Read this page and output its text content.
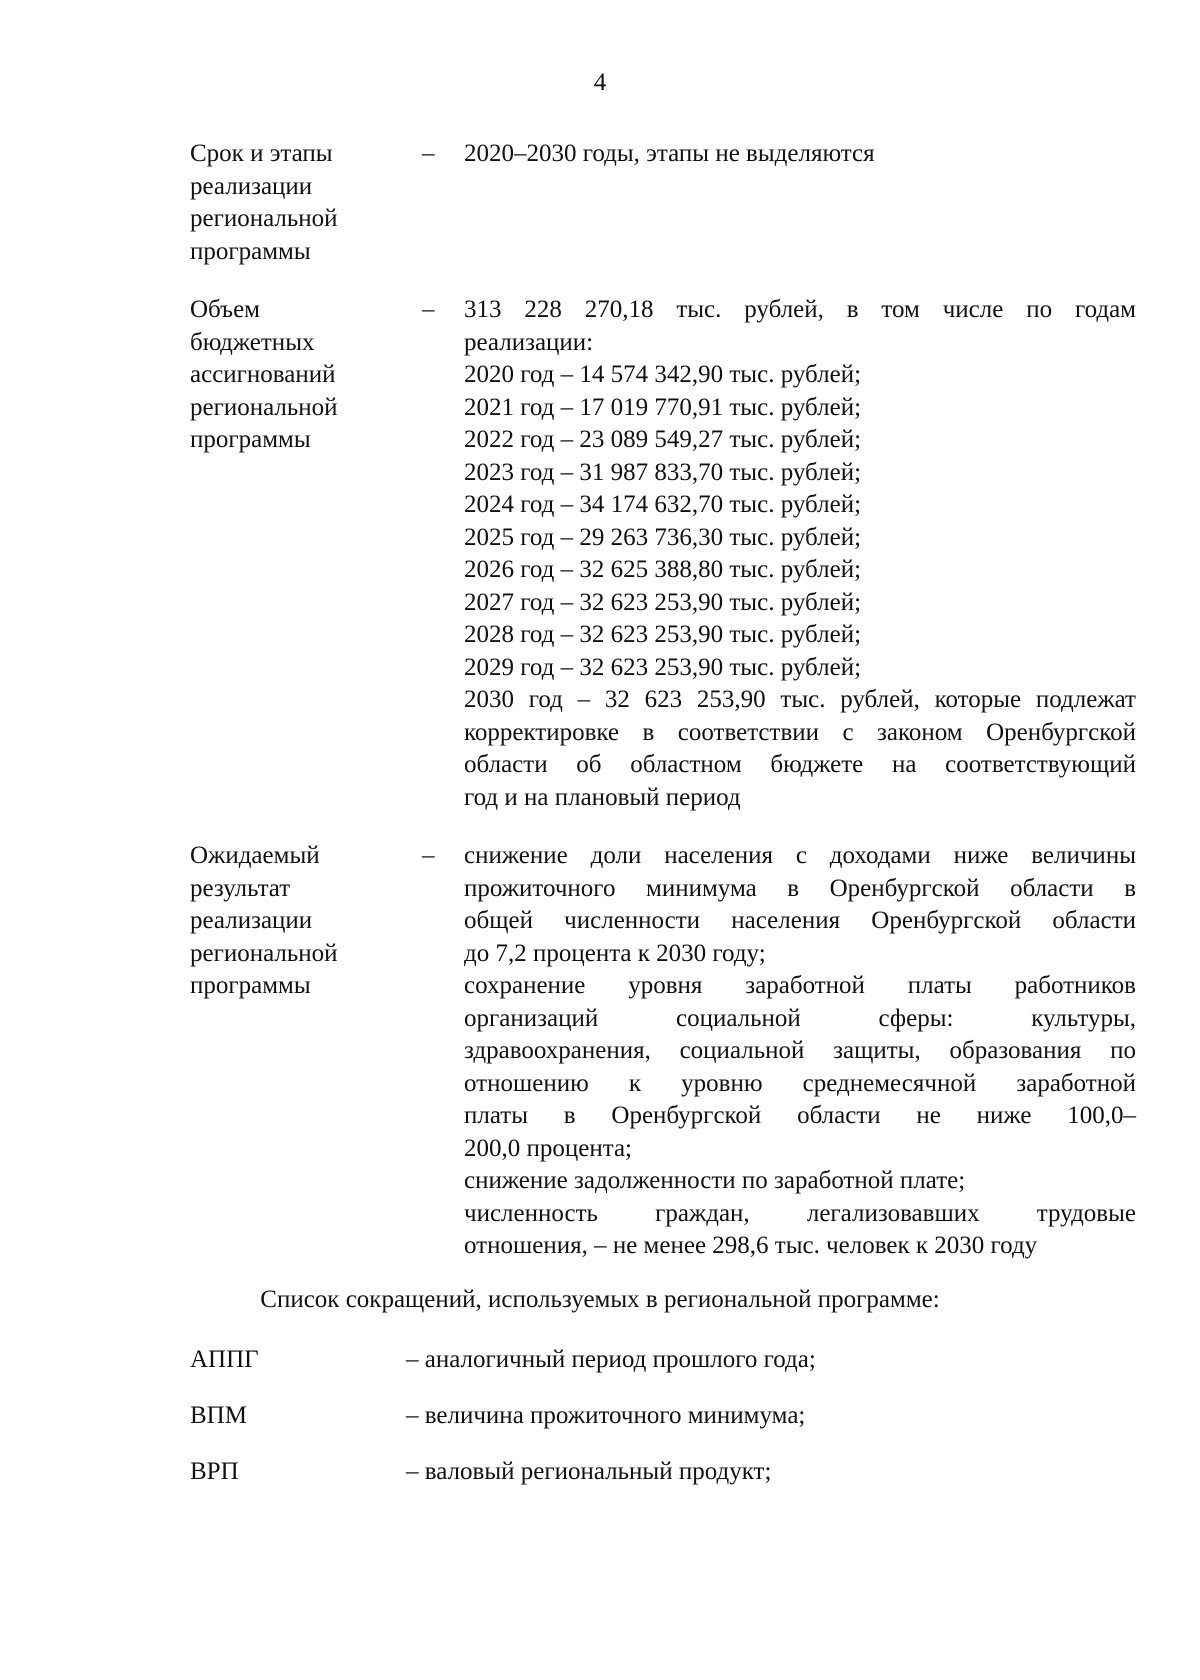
4
Срок и этапы
реализации
региональной
программы
–	2020–2030 годы, этапы не выделяются
Объем
бюджетных
ассигнований
региональной
программы
–	313 228 270,18 тыс. рублей, в том числе по годам
реализации:
2020 год – 14 574 342,90 тыс. рублей;
2021 год – 17 019 770,91 тыс. рублей;
2022 год – 23 089 549,27 тыс. рублей;
2023 год – 31 987 833,70 тыс. рублей;
2024 год – 34 174 632,70 тыс. рублей;
2025 год – 29 263 736,30 тыс. рублей;
2026 год – 32 625 388,80 тыс. рублей;
2027 год – 32 623 253,90 тыс. рублей;
2028 год – 32 623 253,90 тыс. рублей;
2029 год – 32 623 253,90 тыс. рублей;
2030 год – 32 623 253,90 тыс. рублей, которые подлежат
корректировке в соответствии с законом Оренбургской
области об областном бюджете на соответствующий
год и на плановый период
Ожидаемый
результат
реализации
региональной
программы
–	снижение доли населения с доходами ниже величины
прожиточного минимума в Оренбургской области в
общей численности населения Оренбургской области
до 7,2 процента к 2030 году;
сохранение уровня заработной платы работников
организаций социальной сферы: культуры,
здравоохранения, социальной защиты, образования по
отношению к уровню среднемесячной заработной
платы в Оренбургской области не ниже 100,0–
200,0 процента;
снижение задолженности по заработной плате;
численность граждан, легализовавших трудовые
отношения, – не менее 298,6 тыс. человек к 2030 году
Список сокращений, используемых в региональной программе:
АППГ	– аналогичный период прошлого года;
ВПМ	– величина прожиточного минимума;
ВРП	– валовый региональный продукт;
